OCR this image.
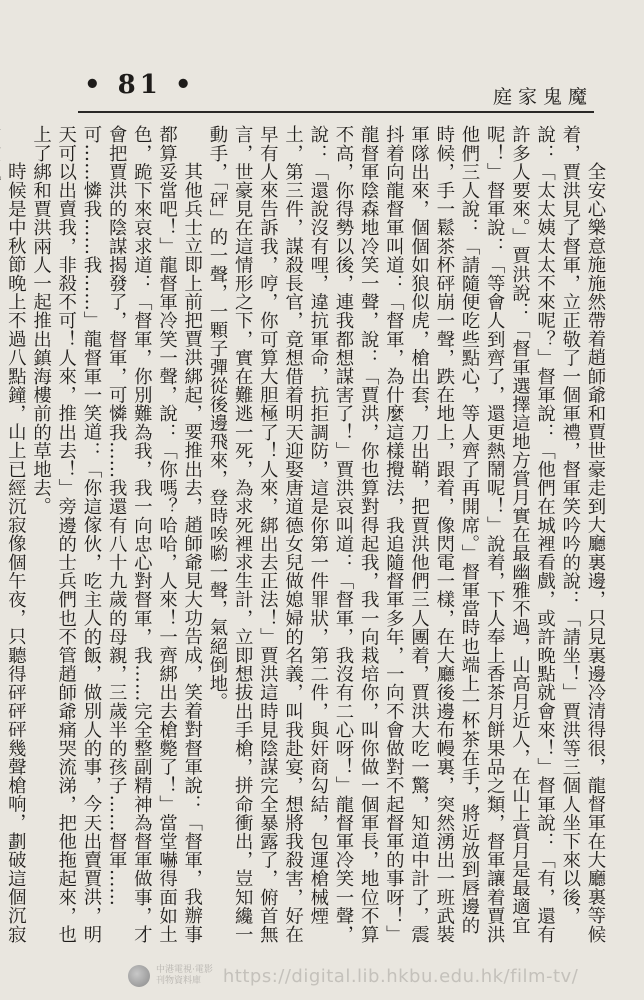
• 81 •	庭家鬼魔

全安心樂意施施然帶着趙師爺和賈世豪走到大廳裏邊，只見裏邊冷清得很，龍督軍在大廳裏等候着，賈洪見了督軍，立正敬了一個軍禮，督軍笑吟吟的說：「請坐！」賈洪等三個人坐下來以後，說：「太太姨太太不來呢？」督軍說：「他們在城裡看戲，或許晚點就會來！」督軍說：「有，還有許多人要來。」賈洪說：「督軍選擇這地方賞月實在最幽雅不過，山高月近人，在山上賞月是最適宜呢！」督軍說：「等會人到齊了，還更熱鬧呢！」說着，下人奉上香茶月餅果品之類，督軍讓着賈洪他們三人說：「請隨便吃些點心，等人齊了再開席。」督軍當時也端上一杯茶在手，將近放到唇邊的時候，手一鬆茶杯砰崩一聲，跌在地上，跟着，像閃電一樣，在大廳後邊布幔裏，突然湧出一班武裝軍隊出來，個個如狼似虎，槍出套，刀出鞘，把賈洪他們三人團着，賈洪大吃一驚，知道中計了，震抖着向龍督軍叫道：「督軍，為什麼這樣攪法，我追隨督軍多年，一向不會做對不起督軍的事呀！」龍督軍陰森地冷笑一聲，說：「賈洪，你也算對得起我，我一向栽培你，叫你做一個軍長，地位不算不高，你得勢以後，連我都想謀害了！」賈洪哀叫道：「督軍，我沒有二心呀！」龍督軍冷笑一聲，說：「還說沒有哩，違抗軍命，抗拒調防，這是你第一件罪狀，第二件，與奸商勾結，包運槍械煙土，第三件，謀殺長官，竟想借着明天迎娶唐道德女兒做媳婦的名義，叫我赴宴，想將我殺害，好在早有人來告訴我，哼，你可算大胆極了！人來，綁出去正法！」賈洪這時見陰謀完全暴露了，俯首無言，世豪見在這情形之下，實在難逃一死，為求死裡求生計，立即想拔出手槍，拼命衝出，豈知纔一動手，「砰」的一聲，一顆子彈從後邊飛來，登時唉喲一聲，氣絕倒地。

其他兵士立即上前把賈洪綁起，要推出去，趙師爺見大功告成，笑着對督軍說：「督軍，我辦事都算妥當吧！」龍督軍冷笑一聲，說：「你嗎？哈哈，人來！一齊綁出去槍斃了！」當堂嚇得面如土色，跪下來哀求道：「督軍，你別難為我，我一向忠心對督軍，我……完全整副精神為督軍做事，才會把賈洪的陰謀揭發了，督軍，可憐我……我還有八十九歲的母親，三歲半的孩子……督軍……可……憐我……我……」龍督軍一笑道：「你這傢伙，吃主人的飯，做別人的事，今天出賣賈洪，明天可以出賣我，非殺不可！人來，推出去！」旁邊的士兵們也不管趙師爺痛哭流涕，把他拖起來，也上了綁和賈洪兩人一起推出鎮海樓前的草地去。

時候是中秋節晚上不過八點鐘，山上已經沉寂像個午夜，只聽得砰砰砰幾聲槍响，劃破這個沉寂

中港電視‧電影
刊物資料庫	https://digital.lib.hkbu.edu.hk/film-tv/
